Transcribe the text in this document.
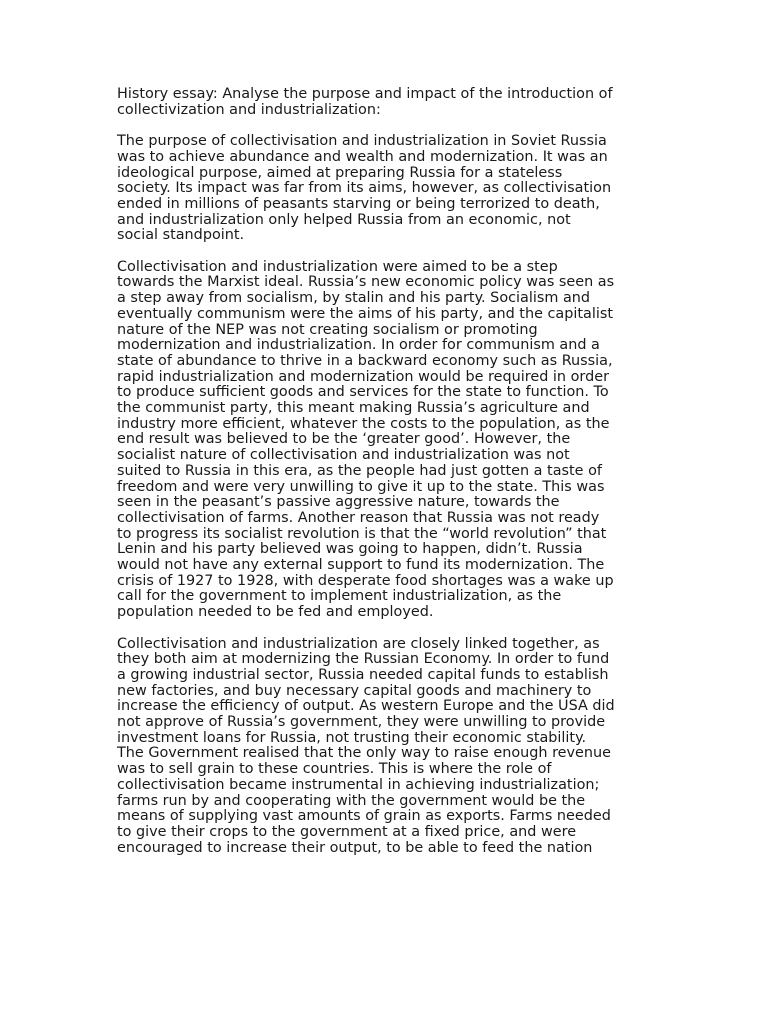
History essay: Analyse the purpose and impact of the introduction of
collectivization and industrialization:

The purpose of collectivisation and industrialization in Soviet Russia
was to achieve abundance and wealth and modernization. It was an
ideological purpose, aimed at preparing Russia for a stateless
society. Its impact was far from its aims, however, as collectivisation
ended in millions of peasants starving or being terrorized to death,
and industrialization only helped Russia from an economic, not
social standpoint.

Collectivisation and industrialization were aimed to be a step
towards the Marxist ideal. Russia’s new economic policy was seen as
a step away from socialism, by stalin and his party. Socialism and
eventually communism were the aims of his party, and the capitalist
nature of the NEP was not creating socialism or promoting
modernization and industrialization. In order for communism and a
state of abundance to thrive in a backward economy such as Russia,
rapid industrialization and modernization would be required in order
to produce sufficient goods and services for the state to function. To
the communist party, this meant making Russia’s agriculture and
industry more efficient, whatever the costs to the population, as the
end result was believed to be the ‘greater good’. However, the
socialist nature of collectivisation and industrialization was not
suited to Russia in this era, as the people had just gotten a taste of
freedom and were very unwilling to give it up to the state. This was
seen in the peasant’s passive aggressive nature, towards the
collectivisation of farms. Another reason that Russia was not ready
to progress its socialist revolution is that the “world revolution” that
Lenin and his party believed was going to happen, didn’t. Russia
would not have any external support to fund its modernization. The
crisis of 1927 to 1928, with desperate food shortages was a wake up
call for the government to implement industrialization, as the
population needed to be fed and employed.

Collectivisation and industrialization are closely linked together, as
they both aim at modernizing the Russian Economy. In order to fund
a growing industrial sector, Russia needed capital funds to establish
new factories, and buy necessary capital goods and machinery to
increase the efficiency of output. As western Europe and the USA did
not approve of Russia’s government, they were unwilling to provide
investment loans for Russia, not trusting their economic stability.
The Government realised that the only way to raise enough revenue
was to sell grain to these countries. This is where the role of
collectivisation became instrumental in achieving industrialization;
farms run by and cooperating with the government would be the
means of supplying vast amounts of grain as exports. Farms needed
to give their crops to the government at a fixed price, and were
encouraged to increase their output, to be able to feed the nation
